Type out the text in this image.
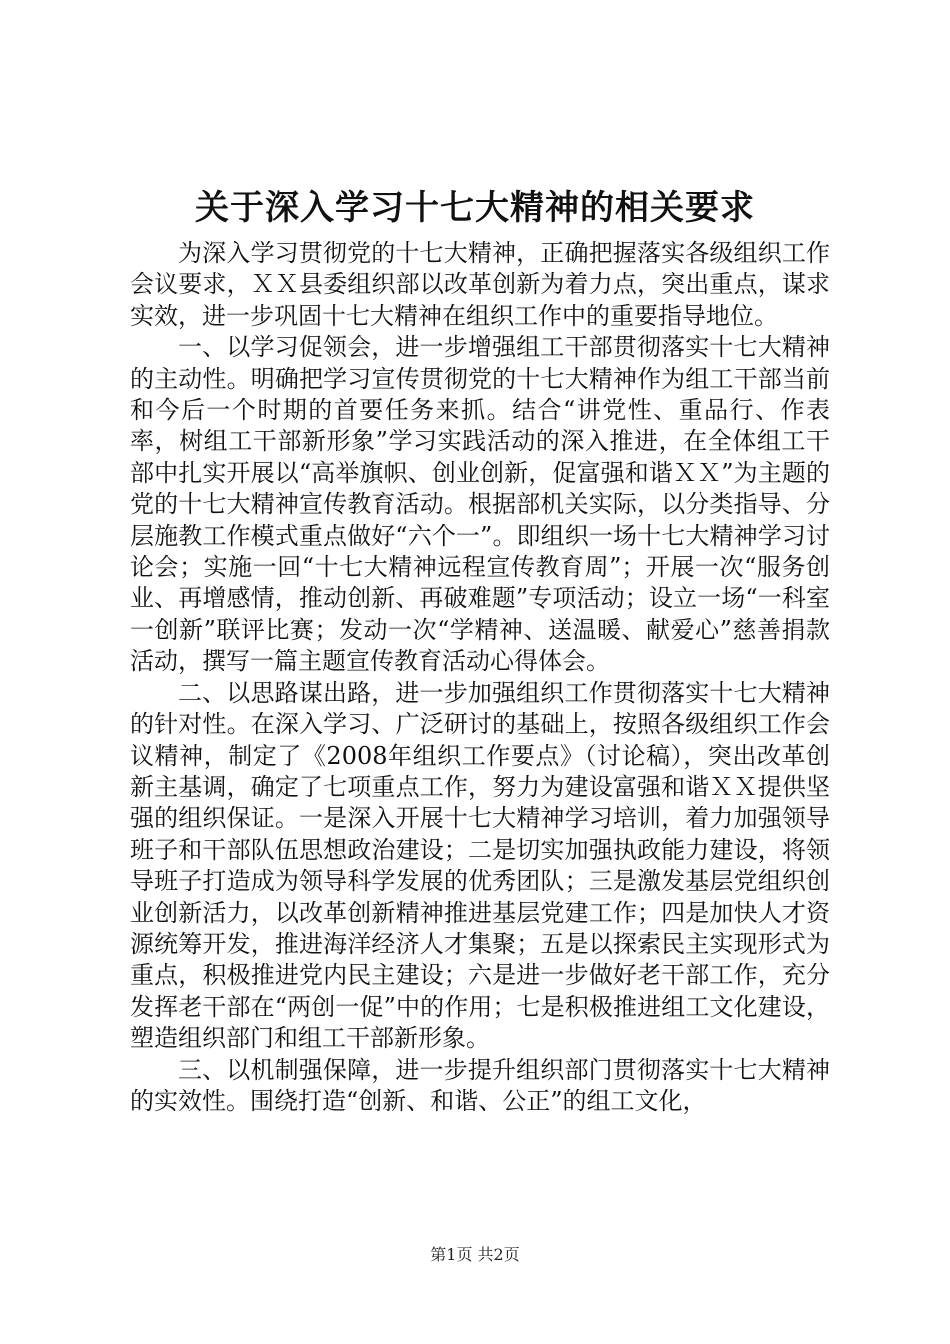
关于深入学习十七大精神的相关要求

为深入学习贯彻党的十七大精神，正确把握落实各级组织工作会议要求，ＸＸ县委组织部以改革创新为着力点，突出重点，谋求实效，进一步巩固十七大精神在组织工作中的重要指导地位。

一、以学习促领会，进一步增强组工干部贯彻落实十七大精神的主动性。明确把学习宣传贯彻党的十七大精神作为组工干部当前和今后一个时期的首要任务来抓。结合“讲党性、重品行、作表率，树组工干部新形象”学习实践活动的深入推进，在全体组工干部中扎实开展以“高举旗帜、创业创新，促富强和谐ＸＸ”为主题的党的十七大精神宣传教育活动。根据部机关实际，以分类指导、分层施教工作模式重点做好“六个一”。即组织一场十七大精神学习讨论会；实施一回“十七大精神远程宣传教育周”；开展一次“服务创业、再增感情，推动创新、再破难题”专项活动；设立一场“一科室一创新”联评比赛；发动一次“学精神、送温暖、献爱心”慈善捐款活动，撰写一篇主题宣传教育活动心得体会。

二、以思路谋出路，进一步加强组织工作贯彻落实十七大精神的针对性。在深入学习、广泛研讨的基础上，按照各级组织工作会议精神，制定了《2008年组织工作要点》（讨论稿），突出改革创新主基调，确定了七项重点工作，努力为建设富强和谐ＸＸ提供坚强的组织保证。一是深入开展十七大精神学习培训，着力加强领导班子和干部队伍思想政治建设；二是切实加强执政能力建设，将领导班子打造成为领导科学发展的优秀团队；三是激发基层党组织创业创新活力，以改革创新精神推进基层党建工作；四是加快人才资源统筹开发，推进海洋经济人才集聚；五是以探索民主实现形式为重点，积极推进党内民主建设；六是进一步做好老干部工作，充分发挥老干部在“两创一促”中的作用；七是积极推进组工文化建设，塑造组织部门和组工干部新形象。

三、以机制强保障，进一步提升组织部门贯彻落实十七大精神的实效性。围绕打造“创新、和谐、公正”的组工文化，

第1页 共2页
